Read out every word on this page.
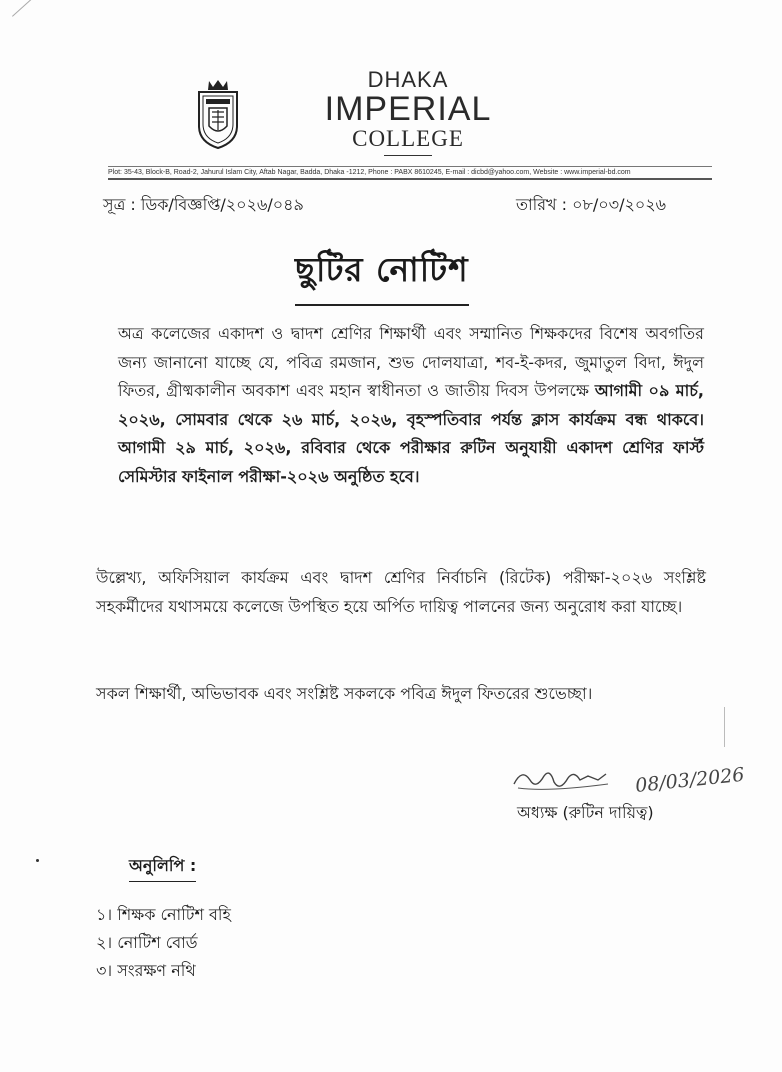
DHAKA
IMPERIAL
COLLEGE
Plot: 35-43, Block-B, Road-2, Jahurul Islam City, Aftab Nagar, Badda, Dhaka -1212, Phone : PABX 8610245, E-mail : dicbd@yahoo.com, Website : www.imperial-bd.com
সূত্র : ডিক/বিজ্ঞপ্তি/২০২৬/০৪৯	তারিখ : ০৮/০৩/২০২৬
ছুটির নোটিশ
অত্র কলেজের একাদশ ও দ্বাদশ শ্রেণির শিক্ষার্থী এবং সম্মানিত শিক্ষকদের বিশেষ অবগতির জন্য জানানো যাচ্ছে যে, পবিত্র রমজান, শুভ দোলযাত্রা, শব-ই-কদর, জুমাতুল বিদা, ঈদুল ফিতর, গ্রীষ্মকালীন অবকাশ এবং মহান স্বাধীনতা ও জাতীয় দিবস উপলক্ষে আগামী ০৯ মার্চ, ২০২৬, সোমবার থেকে ২৬ মার্চ, ২০২৬, বৃহস্পতিবার পর্যন্ত ক্লাস কার্যক্রম বন্ধ থাকবে। আগামী ২৯ মার্চ, ২০২৬, রবিবার থেকে পরীক্ষার রুটিন অনুযায়ী একাদশ শ্রেণির ফার্স্ট সেমিস্টার ফাইনাল পরীক্ষা-২০২৬ অনুষ্ঠিত হবে।
উল্লেখ্য, অফিসিয়াল কার্যক্রম এবং দ্বাদশ শ্রেণির নির্বাচনি (রিটেক) পরীক্ষা-২০২৬ সংশ্লিষ্ট সহকর্মীদের যথাসময়ে কলেজে উপস্থিত হয়ে অর্পিত দায়িত্ব পালনের জন্য অনুরোধ করা যাচ্ছে।
সকল শিক্ষার্থী, অভিভাবক এবং সংশ্লিষ্ট সকলকে পবিত্র ঈদুল ফিতরের শুভেচ্ছা।
08/03/2026
অধ্যক্ষ (রুটিন দায়িত্ব)
অনুলিপি :
১। শিক্ষক নোটিশ বহি
২। নোটিশ বোর্ড
৩। সংরক্ষণ নথি
